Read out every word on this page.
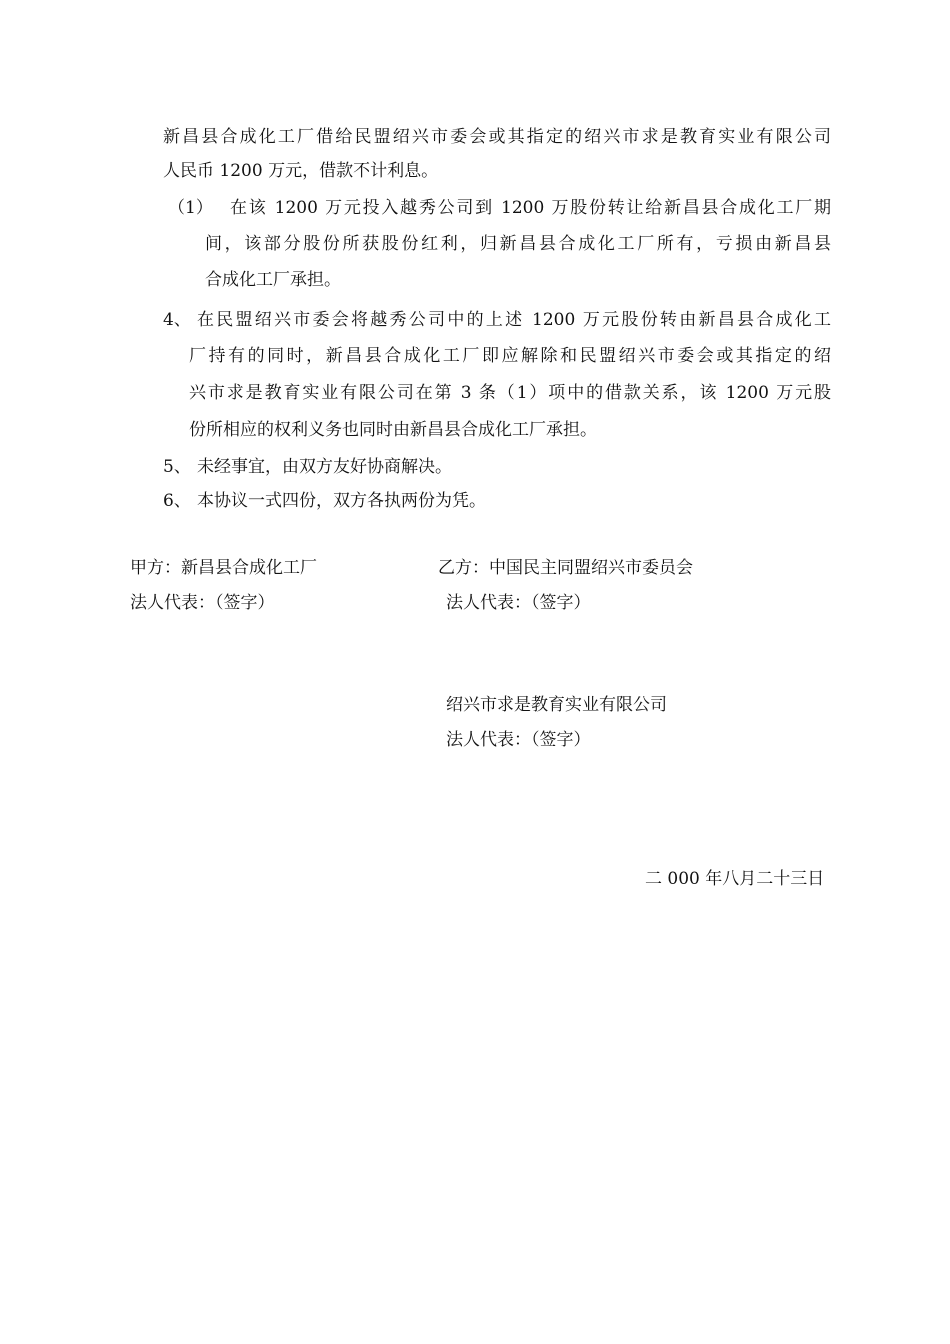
新昌县合成化工厂借给民盟绍兴市委会或其指定的绍兴市求是教育实业有限公司
人民币 1200 万元，借款不计利息。
（1） 在该 1200 万元投入越秀公司到 1200 万股份转让给新昌县合成化工厂期
间，该部分股份所获股份红利，归新昌县合成化工厂所有，亏损由新昌县
合成化工厂承担。
4、 在民盟绍兴市委会将越秀公司中的上述 1200 万元股份转由新昌县合成化工
厂持有的同时，新昌县合成化工厂即应解除和民盟绍兴市委会或其指定的绍
兴市求是教育实业有限公司在第 3 条（1）项中的借款关系，该 1200 万元股
份所相应的权利义务也同时由新昌县合成化工厂承担。
5、 未经事宜，由双方友好协商解决。
6、 本协议一式四份，双方各执两份为凭。
甲方：新昌县合成化工厂	乙方：中国民主同盟绍兴市委员会
法人代表：（签字）	法人代表：（签字）
绍兴市求是教育实业有限公司
法人代表：（签字）
二 000 年八月二十三日
